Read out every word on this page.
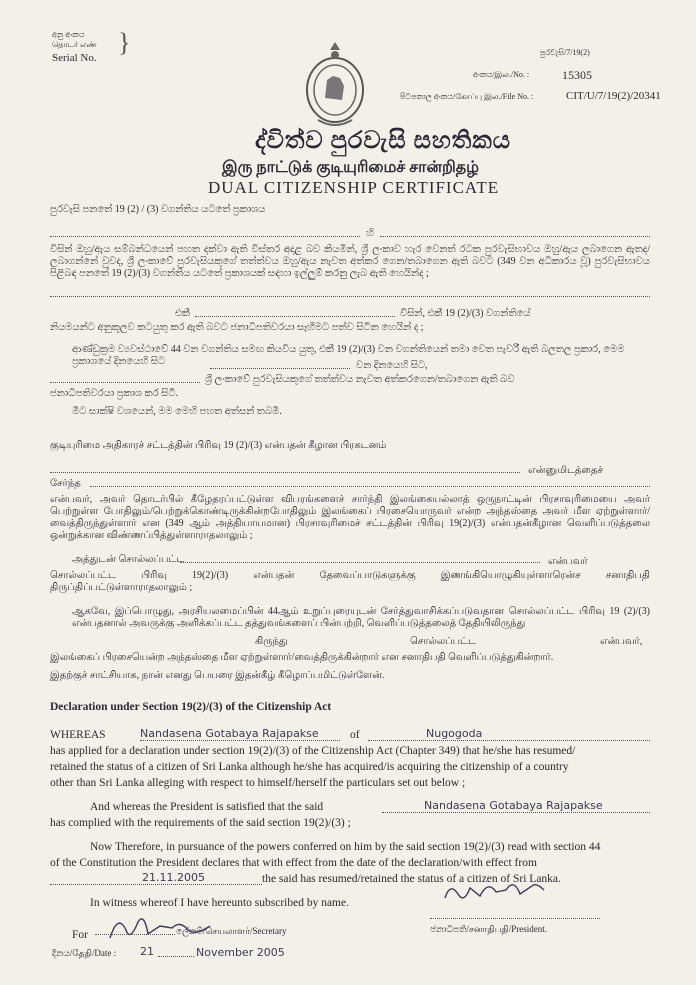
අනු අංකය
தொடர் எண்
Serial No.
}	පුරවැසි/7/19(2)
අංකය/இல./No. :	15305
පිටපතාල අංකය/கோப்பு இல./File No. :	CIT/U/7/19(2)/20341
ද්විත්ව පුරවැසි සහතිකය
இரு நாட்டுக் குடியுரிமைச் சான்றிதழ்
DUAL CITIZENSHIP CERTIFICATE
පුරවැසි පනතේ 19 (2) / (3) වගන්තිය යටතේ ප්‍රකාශය
හි
විසින් ඔහු/ඇය සම්බන්ධයෙන් පහත දක්වා ඇති විස්තර අදාළ බව කියමින්, ශ්‍රී ලංකාව හැර වෙනත් රටක පුරවැසිභාවය ඔහු/ඇය ලබාගෙන ඇතද/ලබාගන්නේ වුවද, ශ්‍රී ලංකාවේ පුරවැසියකුගේ තත්ත්වය ඔහු/ඇය නැවත අත්කර ගෙන/තබාගෙන ඇති බවට (349 වන අධිකාරය වූ) පුරවැසිභාවය පිළිබඳ පනතේ 19 (2)/(3) වගන්තිය යටතේ ප්‍රකාශයක් සඳහා ඉල්ලුම් කරනු ලැබ ඇති හෙයින්ද ;
එකී	විසින්, එකී 19 (2)/(3) වගන්තියේ
නියමයන්ට අනුකූලව කටයුතු කර ඇති බවට ජනාධිපතිවරයා සෑහීමට පත්ව සිටින හෙයින් ද ;
ආණ්ඩුක්‍රම ව්‍යවස්ථාවේ 44 වන වගන්තිය සමඟ කියවිය යුතු, එකී 19 (2)/(3) වන වගන්තියෙන් තමා වෙත පැවරී ඇති බලතල ප්‍රකාර, මෙම ප්‍රකාශයේ දිනයෙහි සිට	වන දිනයෙහි සිට,
ශ්‍රී ලංකාවේ පුරවැසියකුගේ තත්ත්වය නැවත අත්කරගෙන/තබාගෙන ඇති බව
ජනාධිපතිවරයා ප්‍රකාශ කර සිටී.
මීට සාක්ෂි වශයෙන්, මම මෙහි පහත අත්සන් තබමි.
குடியுரிமை அதிகாரச் சட்டத்தின் பிரிவு 19 (2)/(3) என்பதன் கீழான பிரகடனம்
என்னுமிடத்தைச்
சேர்ந்த
என்பவர், அவர் தொடர்பில் கீழேதரப்பட்டுள்ள விபரங்களைச் சார்ந்தி இலங்கையல்லாத் ஒருநாட்டின் பிரசாவுரிமையை அவர் பெற்றுள்ள போதிலும்/பெற்றுக்கொண்டிருக்கின்றபோதிலும் இலங்கைப் பிரசையொருவர் என்ற அந்தஸ்தை அவர் மீள ஏற்றுள்ளார்/வைத்திருந்துள்ளார் என (349 ஆம் அத்தியாயமான) பிரசாவுரிமைச் சட்டத்தின் பிரிவு 19(2)/(3) என்பதன்கீழான வெளிப்படுத்தலை ஒன்றுக்கான விண்ணப்பித்துள்ளாராதலாலும் ;
அத்துடன் சொல்லப்பட்ட	என்பவர்
சொல்லப்பட்ட பிரிவு 19(2)/(3) என்பதன் தேவைப்பாடுகளுக்கு இணங்கியொழுகியுள்ளாரென்ச சனாதிபதி திருப்திப்பட்டுள்ளாராதலாலும் ;
ஆகவே, இப்பொழுது, அரசியலமைப்பின் 44ஆம் உறுப்புரையுடன் சேர்த்துவாசிக்கப்படுவதான சொல்லப்பட்ட பிரிவு 19 (2)/(3) என்பதனால் அவருக்கு அளிக்கப்பட்ட தத்துவங்களைப் பின்பற்றி, வெளிப்படுத்தலைத் தேதியிலிருந்து
கிருந்து	சொல்லப்பட்ட	என்பவர்,
இலங்கைப் பிரசையென்ற அந்தஸ்தை மீள ஏற்றுள்ளார்/வைத்திருக்கின்றார் என சனாதிபதி வெளிப்படுத்துகின்றார்.
இதற்குச் சாட்சியாக, நான் எனது பெயரை இதன்கீழ் கீழொப்பமிட்டுள்ளேன்.
Declaration under Section 19(2)/(3) of the Citizenship Act
WHEREAS	Nandasena Gotabaya Rajapakse	of	Nugogoda
has applied for a declaration under section 19(2)/(3) of the Citizenship Act (Chapter 349) that he/she has resumed/
retained the status of a citizen of Sri Lanka although he/she has acquired/is acquiring the citizenship of a country
other than Sri Lanka alleging with respect to himself/herself the particulars set out below ;
And whereas the President is satisfied that the said	Nandasena Gotabaya Rajapakse
has complied with the requirements of the said section 19(2)/(3) ;
Now Therefore, in pursuance of the powers conferred on him by the said section 19(2)/(3) read with section 44
of the Constitution the President declares that with effect from the date of the declaration/with effect from
21.11.2005	the said has resumed/retained the status of a citizen of Sri Lanka.
In witness whereof I have hereunto subscribed by name.
For	ලේකම්/செயலாளர்/Secretary	ජනාධිපති/சனாதிபதி/President.
දිනය/தேதி/Date : 21	November 2005
